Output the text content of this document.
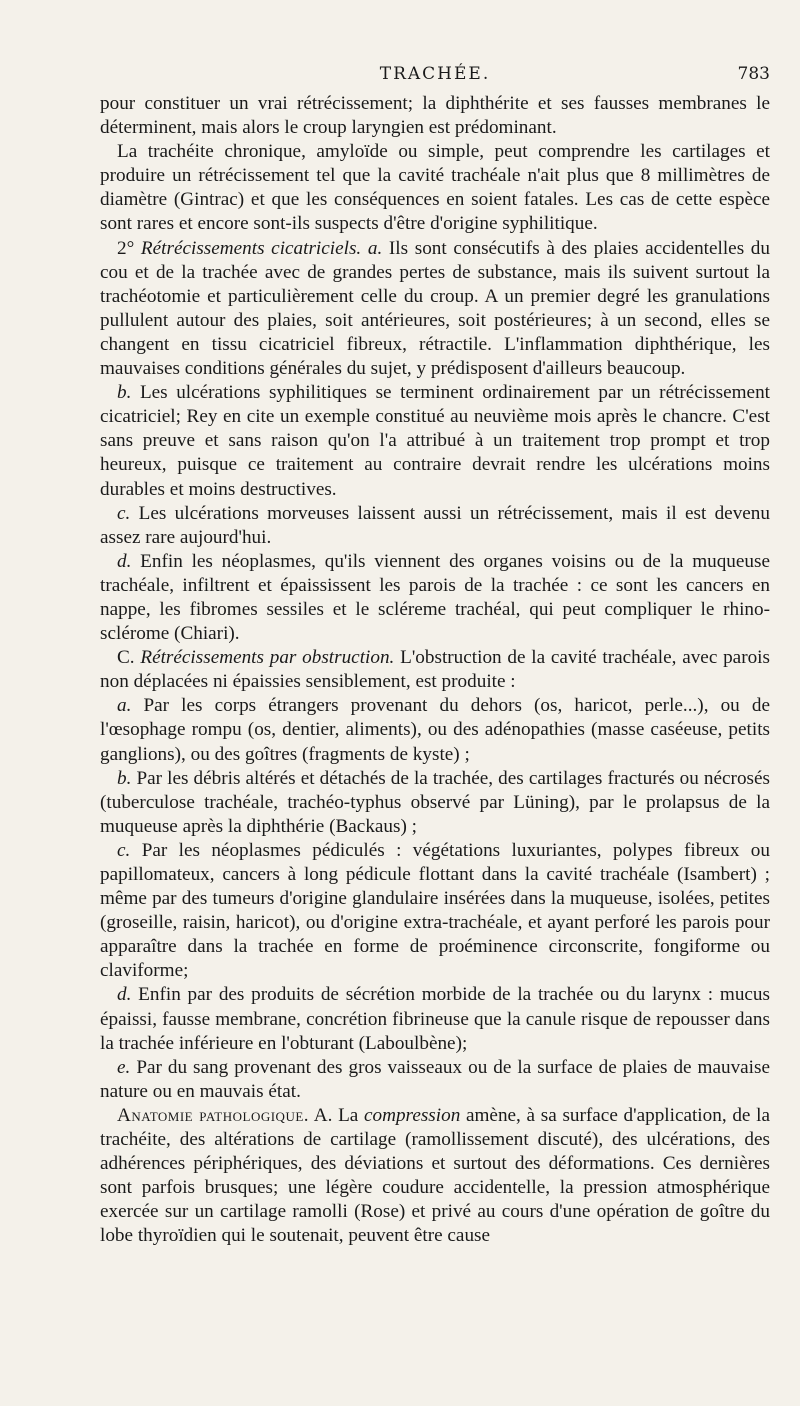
TRACHÉE.	783

pour constituer un vrai rétrécissement; la diphthérite et ses fausses membranes le déterminent, mais alors le croup laryngien est prédominant.

La trachéite chronique, amyloïde ou simple, peut comprendre les cartilages et produire un rétrécissement tel que la cavité trachéale n'ait plus que 8 millimètres de diamètre (Gintrac) et que les conséquences en soient fatales. Les cas de cette espèce sont rares et encore sont-ils suspects d'être d'origine syphilitique.

2° Rétrécissements cicatriciels. a. Ils sont consécutifs à des plaies accidentelles du cou et de la trachée avec de grandes pertes de substance, mais ils suivent surtout la trachéotomie et particulièrement celle du croup. A un premier degré les granulations pullulent autour des plaies, soit antérieures, soit postérieures; à un second, elles se changent en tissu cicatriciel fibreux, rétractile. L'inflammation diphthérique, les mauvaises conditions générales du sujet, y prédisposent d'ailleurs beaucoup.

b. Les ulcérations syphilitiques se terminent ordinairement par un rétrécissement cicatriciel; Rey en cite un exemple constitué au neuvième mois après le chancre. C'est sans preuve et sans raison qu'on l'a attribué à un traitement trop prompt et trop heureux, puisque ce traitement au contraire devrait rendre les ulcérations moins durables et moins destructives.

c. Les ulcérations morveuses laissent aussi un rétrécissement, mais il est devenu assez rare aujourd'hui.

d. Enfin les néoplasmes, qu'ils viennent des organes voisins ou de la muqueuse trachéale, infiltrent et épaississent les parois de la trachée : ce sont les cancers en nappe, les fibromes sessiles et le scléreme trachéal, qui peut compliquer le rhino-sclérome (Chiari).

C. Rétrécissements par obstruction. L'obstruction de la cavité trachéale, avec parois non déplacées ni épaissies sensiblement, est produite :

a. Par les corps étrangers provenant du dehors (os, haricot, perle...), ou de l'œsophage rompu (os, dentier, aliments), ou des adénopathies (masse caséeuse, petits ganglions), ou des goîtres (fragments de kyste) ;

b. Par les débris altérés et détachés de la trachée, des cartilages fracturés ou nécrosés (tuberculose trachéale, trachéo-typhus observé par Lüning), par le prolapsus de la muqueuse après la diphthérie (Backaus) ;

c. Par les néoplasmes pédiculés : végétations luxuriantes, polypes fibreux ou papillomateux, cancers à long pédicule flottant dans la cavité trachéale (Isambert) ; même par des tumeurs d'origine glandulaire insérées dans la muqueuse, isolées, petites (groseille, raisin, haricot), ou d'origine extra-trachéale, et ayant perforé les parois pour apparaître dans la trachée en forme de proéminence circonscrite, fongiforme ou claviforme;

d. Enfin par des produits de sécrétion morbide de la trachée ou du larynx : mucus épaissi, fausse membrane, concrétion fibrineuse que la canule risque de repousser dans la trachée inférieure en l'obturant (Laboulbène);

e. Par du sang provenant des gros vaisseaux ou de la surface de plaies de mauvaise nature ou en mauvais état.

Anatomie pathologique. A. La compression amène, à sa surface d'application, de la trachéite, des altérations de cartilage (ramollissement discuté), des ulcérations, des adhérences périphériques, des déviations et surtout des déformations. Ces dernières sont parfois brusques; une légère coudure accidentelle, la pression atmosphérique exercée sur un cartilage ramolli (Rose) et privé au cours d'une opération de goître du lobe thyroïdien qui le soutenait, peuvent être cause
